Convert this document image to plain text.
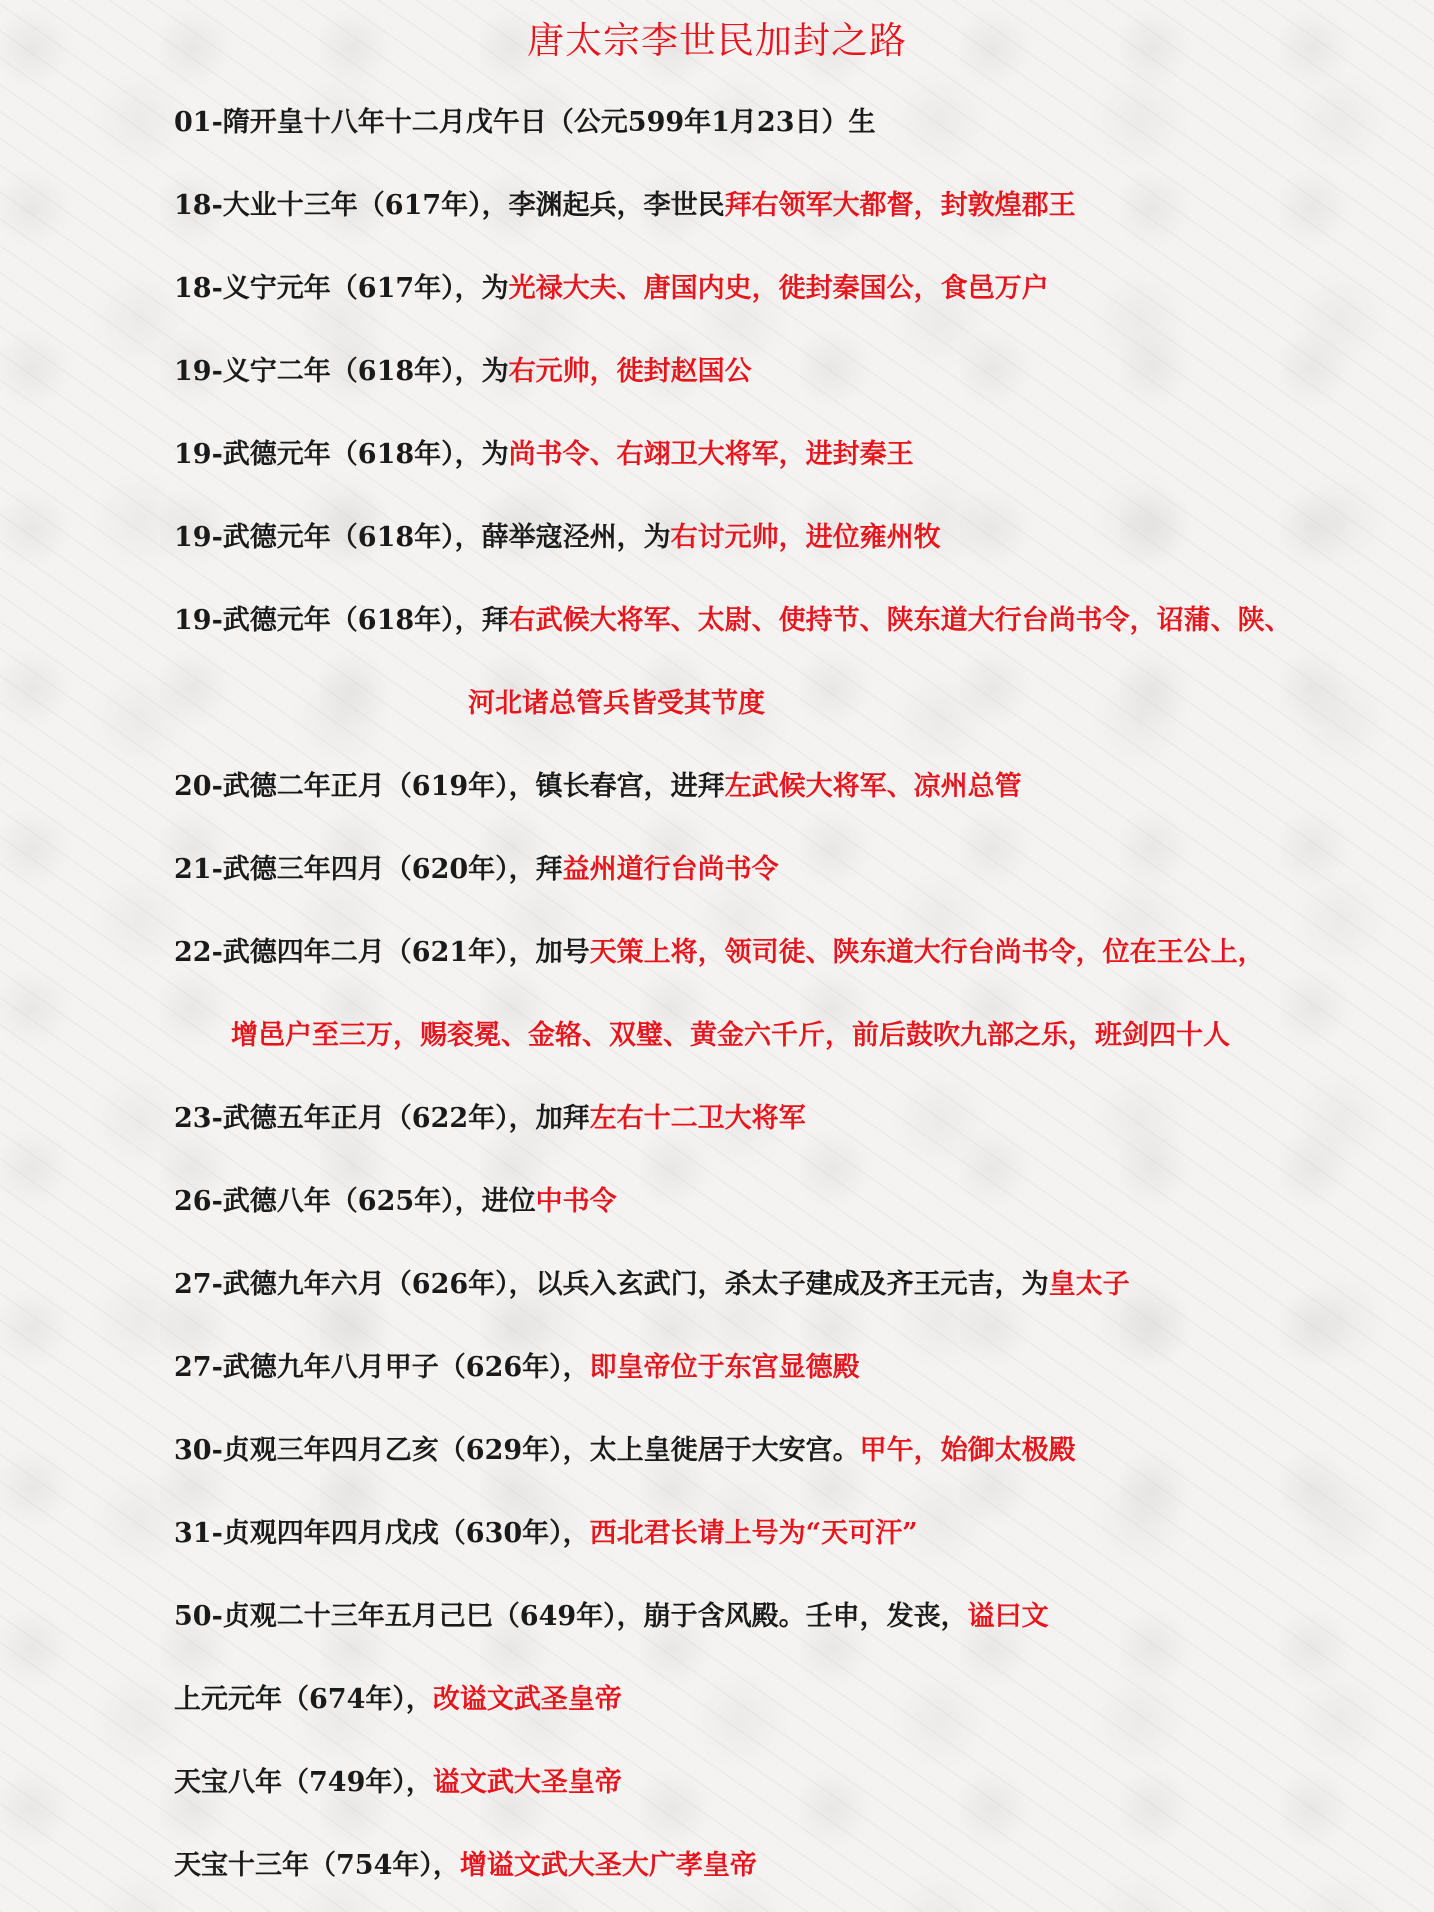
唐太宗李世民加封之路
01-隋开皇十八年十二月戊午日（公元599年1月23日）生
18-大业十三年（617年），李渊起兵，李世民拜右领军大都督，封敦煌郡王
18-义宁元年（617年），为光禄大夫、唐国内史，徙封秦国公，食邑万户
19-义宁二年（618年），为右元帅，徙封赵国公
19-武德元年（618年），为尚书令、右翊卫大将军，进封秦王
19-武德元年（618年），薛举寇泾州，为右讨元帅，进位雍州牧
19-武德元年（618年），拜右武候大将军、太尉、使持节、陕东道大行台尚书令，诏蒲、陕、
河北诸总管兵皆受其节度
20-武德二年正月（619年），镇长春宫，进拜左武候大将军、凉州总管
21-武德三年四月（620年），拜益州道行台尚书令
22-武德四年二月（621年），加号天策上将，领司徒、陕东道大行台尚书令，位在王公上，
增邑户至三万，赐衮冕、金辂、双璧、黄金六千斤，前后鼓吹九部之乐，班剑四十人
23-武德五年正月（622年），加拜左右十二卫大将军
26-武德八年（625年），进位中书令
27-武德九年六月（626年），以兵入玄武门，杀太子建成及齐王元吉，为皇太子
27-武德九年八月甲子（626年），即皇帝位于东宫显德殿
30-贞观三年四月乙亥（629年），太上皇徙居于大安宫。甲午，始御太极殿
31-贞观四年四月戊戌（630年），西北君长请上号为“天可汗”
50-贞观二十三年五月己巳（649年），崩于含风殿。壬申，发丧，谥曰文
上元元年（674年），改谥文武圣皇帝
天宝八年（749年），谥文武大圣皇帝
天宝十三年（754年），增谥文武大圣大广孝皇帝
